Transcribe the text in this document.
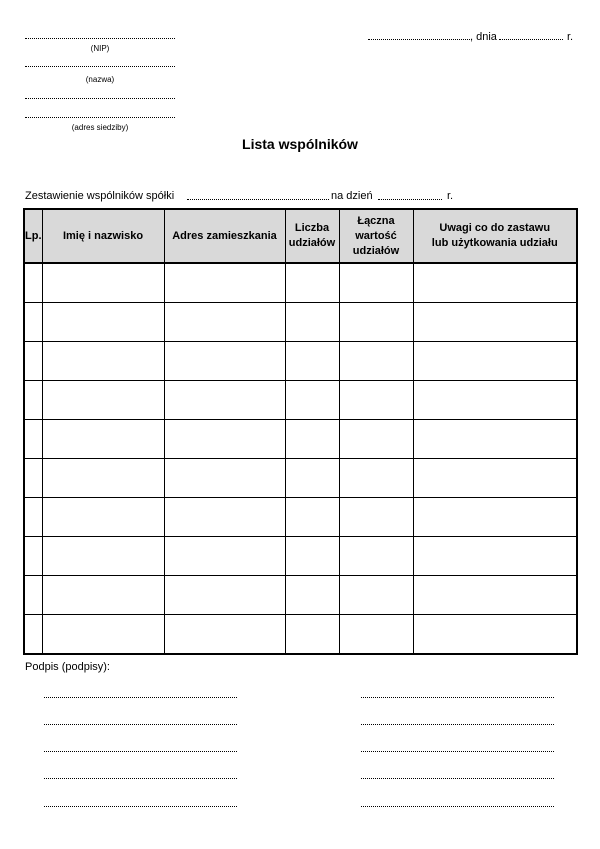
(NIP)
(nazwa)
(adres siedziby)
, dnia	r.
Lista wspólników
Zestawienie wspólników spółki	na dzień	r.
Lp.	Imię i nazwisko	Adres zamieszkania	Liczba
udziałów	Łączna
wartość
udziałów	Uwagi co do zastawu
lub użytkowania udziału

Podpis (podpisy):
